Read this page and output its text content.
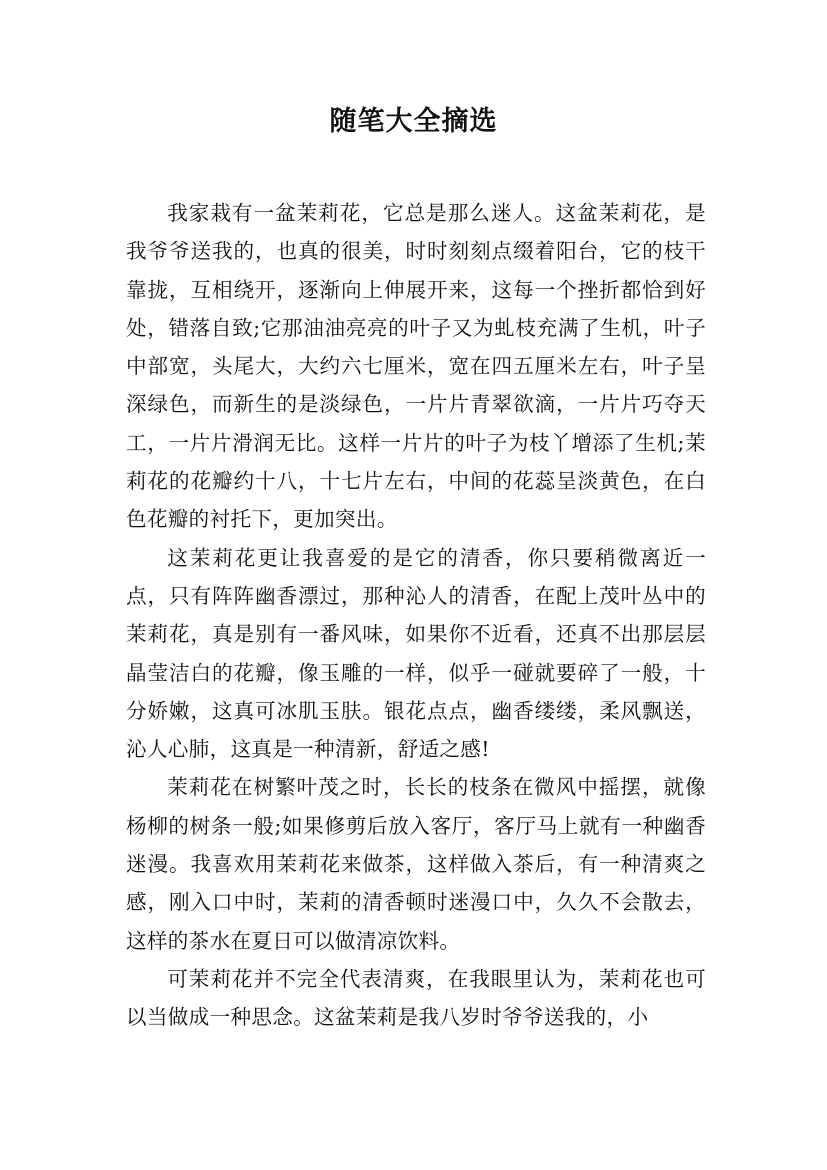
随笔大全摘选

我家栽有一盆茉莉花，它总是那么迷人。这盆茉莉花，是我爷爷送我的，也真的很美，时时刻刻点缀着阳台，它的枝干靠拢，互相绕开，逐渐向上伸展开来，这每一个挫折都恰到好处，错落自致;它那油油亮亮的叶子又为虬枝充满了生机，叶子中部宽，头尾大，大约六七厘米，宽在四五厘米左右，叶子呈深绿色，而新生的是淡绿色，一片片青翠欲滴，一片片巧夺天工，一片片滑润无比。这样一片片的叶子为枝丫增添了生机;茉莉花的花瓣约十八，十七片左右，中间的花蕊呈淡黄色，在白色花瓣的衬托下，更加突出。

这茉莉花更让我喜爱的是它的清香，你只要稍微离近一点，只有阵阵幽香漂过，那种沁人的清香，在配上茂叶丛中的茉莉花，真是别有一番风味，如果你不近看，还真不出那层层晶莹洁白的花瓣，像玉雕的一样，似乎一碰就要碎了一般，十分娇嫩，这真可冰肌玉肤。银花点点，幽香缕缕，柔风飘送，沁人心肺，这真是一种清新，舒适之感!

茉莉花在树繁叶茂之时，长长的枝条在微风中摇摆，就像杨柳的树条一般;如果修剪后放入客厅，客厅马上就有一种幽香迷漫。我喜欢用茉莉花来做茶，这样做入茶后，有一种清爽之感，刚入口中时，茉莉的清香顿时迷漫口中，久久不会散去，这样的茶水在夏日可以做清凉饮料。

可茉莉花并不完全代表清爽，在我眼里认为，茉莉花也可以当做成一种思念。这盆茉莉是我八岁时爷爷送我的，小
